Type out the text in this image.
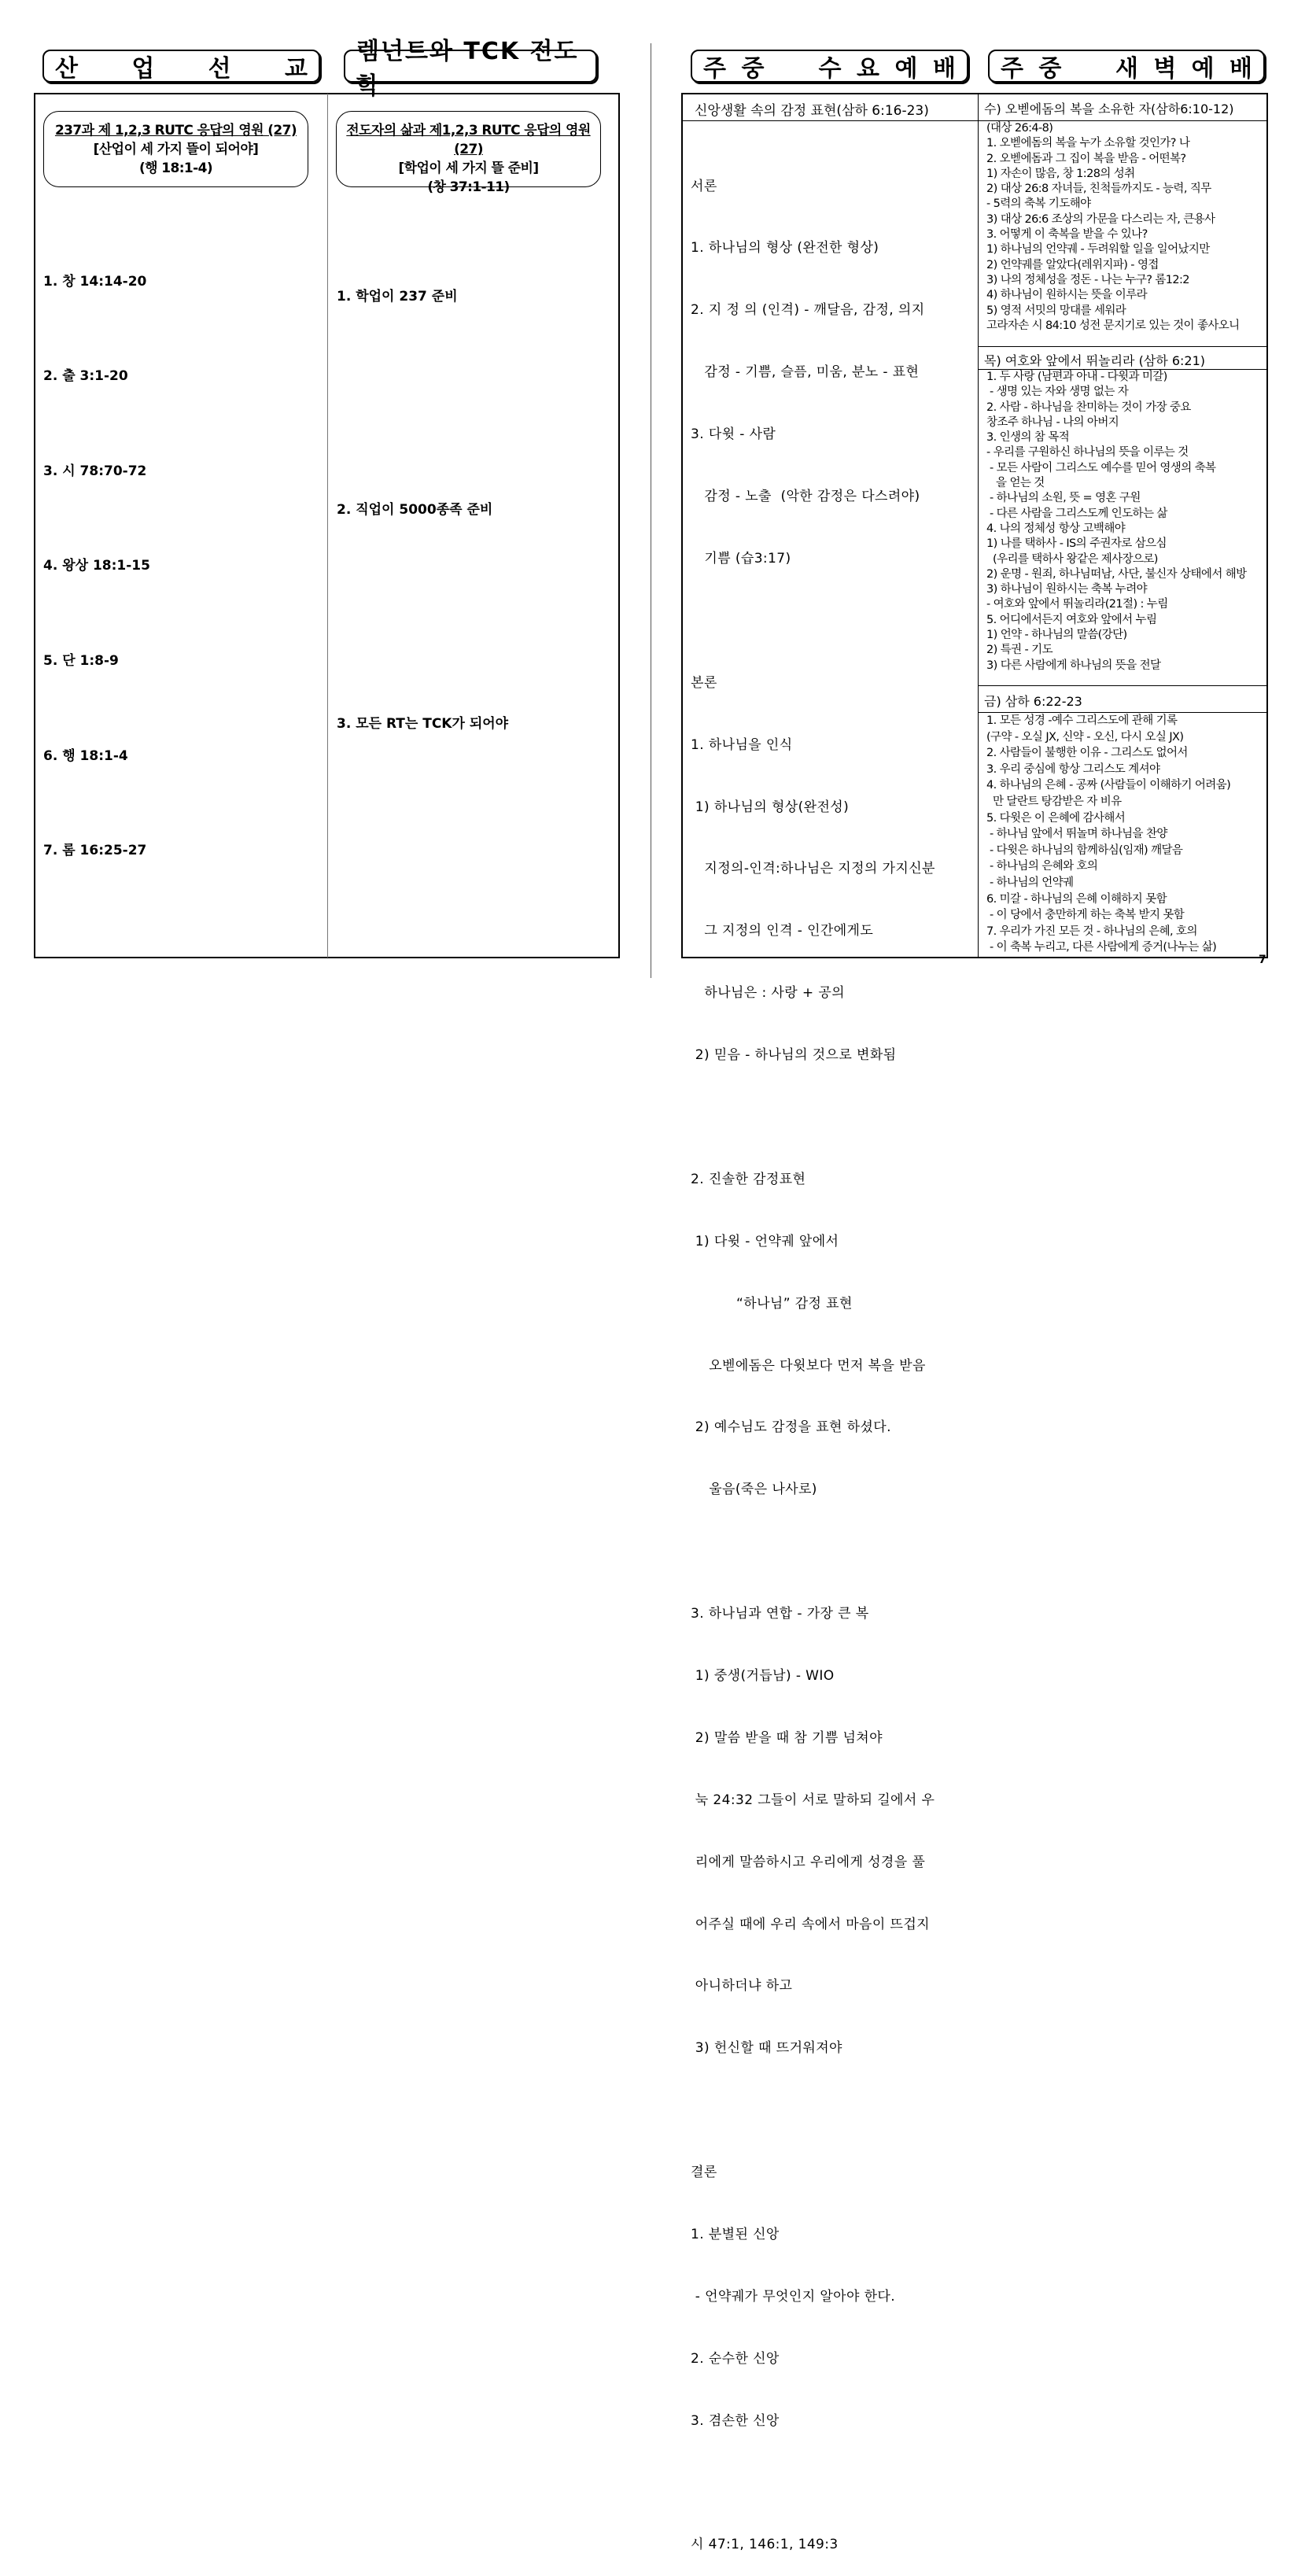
산 업 선 교
렘넌트와 TCK 전도학
주 중 수 요 예 배 주 중 새 벽 예 배
237과 제 1,2,3 RUTC 응답의 영원 (27)
[산업이 세 가지 뜰이 되어야]
(행 18:1-4)
전도자의 삶과 제1,2,3 RUTC 응답의 영원 (27)
[학업이 세 가지 뜰 준비]
(창 37:1-11)
1. 창 14:14-20
2. 출 3:1-20
3. 시 78:70-72
4. 왕상 18:1-15
5. 단 1:8-9
6. 행 18:1-4
7. 롬 16:25-27
1. 학업이 237 준비
2. 직업이 5000종족 준비
3. 모든 RT는 TCK가 되어야
신앙생활 속의 감정 표현(삼하 6:16-23)

서론

1. 하나님의 형상 (완전한 형상)

2. 지 정 의 (인격) - 깨달음, 감정, 의지

감정 - 기쁨, 슬픔, 미움, 분노 - 표현

3. 다윗 - 사람

감정 - 노출  (악한 감정은 다스려야)

기쁨 (습3:17)

본론

1. 하나님을 인식

1) 하나님의 형상(완전성)

지정의-인격:하나님은 지정의 가지신분

그 지정의 인격 - 인간에게도

하나님은 : 사랑 + 공의

2) 믿음 - 하나님의 것으로 변화됨

2. 진솔한 감정표현

1) 다윗 - 언약궤 앞에서

“하나님” 감정 표현

오벧에돔은 다윗보다 먼저 복을 받음

2) 예수님도 감정을 표현 하셨다.

울음(죽은 나사로)

3. 하나님과 연합 - 가장 큰 복

1) 중생(거듭남) - WIO

2) 말씀 받을 때 참 기쁨 넘쳐야

눅 24:32 그들이 서로 말하되 길에서 우

리에게 말씀하시고 우리에게 성경을 풀

어주실 때에 우리 속에서 마음이 뜨겁지

아니하더냐 하고

3) 헌신할 때 뜨거워져야

결론

1. 분별된 신앙

- 언약궤가 무엇인지 알아야 한다.

2. 순수한 신앙

3. 겸손한 신앙

시 47:1, 146:1, 149:3

수) 오벧에돔의 복을 소유한 자(삼하6:10-12)
(대상 26:4-8)
1. 오벧에돔의 복을 누가 소유할 것인가? 나
2. 오벧에돔과 그 집이 복을 받음 - 어떤복?
1) 자손이 많음, 창 1:28의 성취
2) 대상 26:8 자녀들, 친척들까지도 - 능력, 직무
- 5력의 축복 기도해야
3) 대상 26:6 조상의 가문을 다스리는 자, 큰용사
3. 어떻게 이 축복을 받을 수 있나?
1) 하나님의 언약궤 - 두려워할 일을 일어났지만
2) 언약궤를 알았다(레위지파) - 영접
3) 나의 정체성을 정돈 - 나는 누구? 롬12:2
4) 하나님이 원하시는 뜻을 이루라
5) 영적 서밋의 망대를 세워라
고라자손 시 84:10 성전 문지기로 있는 것이 좋사오니
목) 여호와 앞에서 뛰놀리라 (삼하 6:21)
1. 두 사랑 (남편과 아내 - 다윗과 미갈)
- 생명 있는 자와 생명 없는 자
2. 사람 - 하나님을 찬미하는 것이 가장 중요
창조주 하나님 - 나의 아버지
3. 인생의 참 목적
- 우리를 구원하신 하나님의 뜻을 이루는 것
- 모든 사람이 그리스도 예수를 믿어 영생의 축복
을 얻는 것
- 하나님의 소원, 뜻 = 영혼 구원
- 다른 사람을 그리스도께 인도하는 삶
4. 나의 정체성 항상 고백해야
1) 나를 택하사 - IS의 주권자로 삼으심
(우리를 택하사 왕같은 제사장으로)
2) 운명 - 원죄, 하나님떠남, 사단, 불신자 상태에서 해방
3) 하나님이 원하시는 축복 누려야
- 여호와 앞에서 뛰놀리라(21절) : 누림
5. 어디에서든지 여호와 앞에서 누림
1) 언약 - 하나님의 말씀(강단)
2) 특권 - 기도
3) 다른 사람에게 하나님의 뜻을 전달
금) 삼하 6:22-23
1. 모든 성경 -예수 그리스도에 관해 기록
(구약 - 오실 JX, 신약 - 오신, 다시 오실 JX)
2. 사람들이 불행한 이유 - 그리스도 없어서
3. 우리 중심에 항상 그리스도 계셔야
4. 하나님의 은혜 - 공짜 (사람들이 이해하기 어려움)
만 달란트 탕감받은 자 비유
5. 다윗은 이 은혜에 감사해서
- 하나님 앞에서 뛰놀며 하나님을 찬양
- 다윗은 하나님의 함께하심(임재) 깨달음
- 하나님의 은혜와 호의
- 하나님의 언약궤
6. 미갈 - 하나님의 은혜 이해하지 못함
- 이 당에서 충만하게 하는 축복 받지 못함
7. 우리가 가진 모든 것 - 하나님의 은혜, 호의
- 이 축복 누리고, 다른 사람에게 증거(나누는 삶)
7
